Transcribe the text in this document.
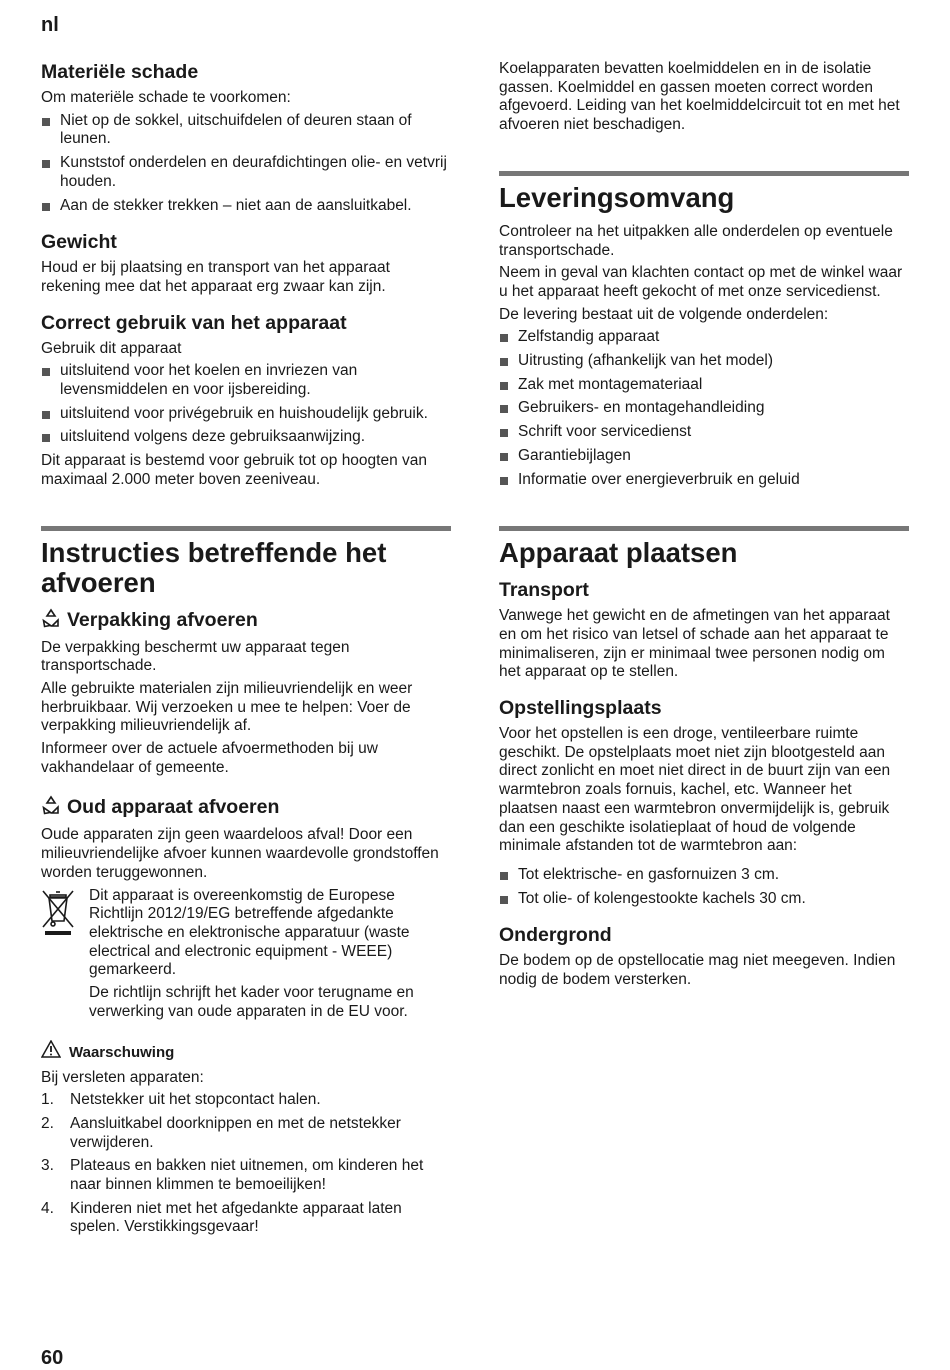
nl
Materiële schade

Om materiële schade te voorkomen:

Niet op de sokkel, uitschuifdelen of deuren staan of leunen.
Kunststof onderdelen en deurafdichtingen olie- en vetvrij houden.
Aan de stekker trekken – niet aan de aansluitkabel.
Gewicht

Houd er bij plaatsing en transport van het apparaat rekening mee dat het apparaat erg zwaar kan zijn.

Correct gebruik van het apparaat

Gebruik dit apparaat

uitsluitend voor het koelen en invriezen van levensmiddelen en voor ijsbereiding.
uitsluitend voor privégebruik en huishoudelijk gebruik.
uitsluitend volgens deze gebruiksaanwijzing.

Dit apparaat is bestemd voor gebruik tot op hoogten van maximaal 2.000 meter boven zeeniveau.

Instructies betreffende het afvoeren
Verpakking afvoeren

De verpakking beschermt uw apparaat tegen transportschade.

Alle gebruikte materialen zijn milieuvriendelijk en weer herbruikbaar. Wij verzoeken u mee te helpen: Voer de verpakking milieuvriendelijk af.

Informeer over de actuele afvoermethoden bij uw vakhandelaar of gemeente.

Oud apparaat afvoeren

Oude apparaten zijn geen waardeloos afval! Door een milieuvriendelijke afvoer kunnen waardevolle grondstoffen worden teruggewonnen.

Dit apparaat is overeenkomstig de Europese Richtlijn 2012/19/EG betreffende afgedankte elektrische en elektronische apparatuur (waste electrical and electronic equipment - WEEE) gemarkeerd.

De richtlijn schrijft het kader voor terugname en verwerking van oude apparaten in de EU voor.

Waarschuwing

Bij versleten apparaten:

1. Netstekker uit het stopcontact halen.
2. Aansluitkabel doorknippen en met de netstekker verwijderen.
3. Plateaus en bakken niet uitnemen, om kinderen het naar binnen klimmen te bemoeilijken!
4. Kinderen niet met het afgedankte apparaat laten spelen. Verstikkingsgevaar!

Koelapparaten bevatten koelmiddelen en in de isolatie gassen. Koelmiddel en gassen moeten correct worden afgevoerd. Leiding van het koelmiddelcircuit tot en met het afvoeren niet beschadigen.

Leveringsomvang

Controleer na het uitpakken alle onderdelen op eventuele transportschade.

Neem in geval van klachten contact op met de winkel waar u het apparaat heeft gekocht of met onze servicedienst.

De levering bestaat uit de volgende onderdelen:

Zelfstandig apparaat
Uitrusting (afhankelijk van het model)
Zak met montagemateriaal
Gebruikers- en montagehandleiding
Schrift voor servicedienst
Garantiebijlagen
Informatie over energieverbruik en geluid
Apparaat plaatsen
Transport

Vanwege het gewicht en de afmetingen van het apparaat en om het risico van letsel of schade aan het apparaat te minimaliseren, zijn er minimaal twee personen nodig om het apparaat op te stellen.

Opstellingsplaats

Voor het opstellen is een droge, ventileerbare ruimte geschikt. De opstelplaats moet niet zijn blootgesteld aan direct zonlicht en moet niet direct in de buurt zijn van een warmtebron zoals fornuis, kachel, etc. Wanneer het plaatsen naast een warmtebron onvermijdelijk is, gebruik dan een geschikte isolatieplaat of houd de volgende minimale afstanden tot de warmtebron aan:

Tot elektrische- en gasfornuizen 3 cm.
Tot olie- of kolengestookte kachels 30 cm.
Ondergrond

De bodem op de opstellocatie mag niet meegeven. Indien nodig de bodem versterken.

60
